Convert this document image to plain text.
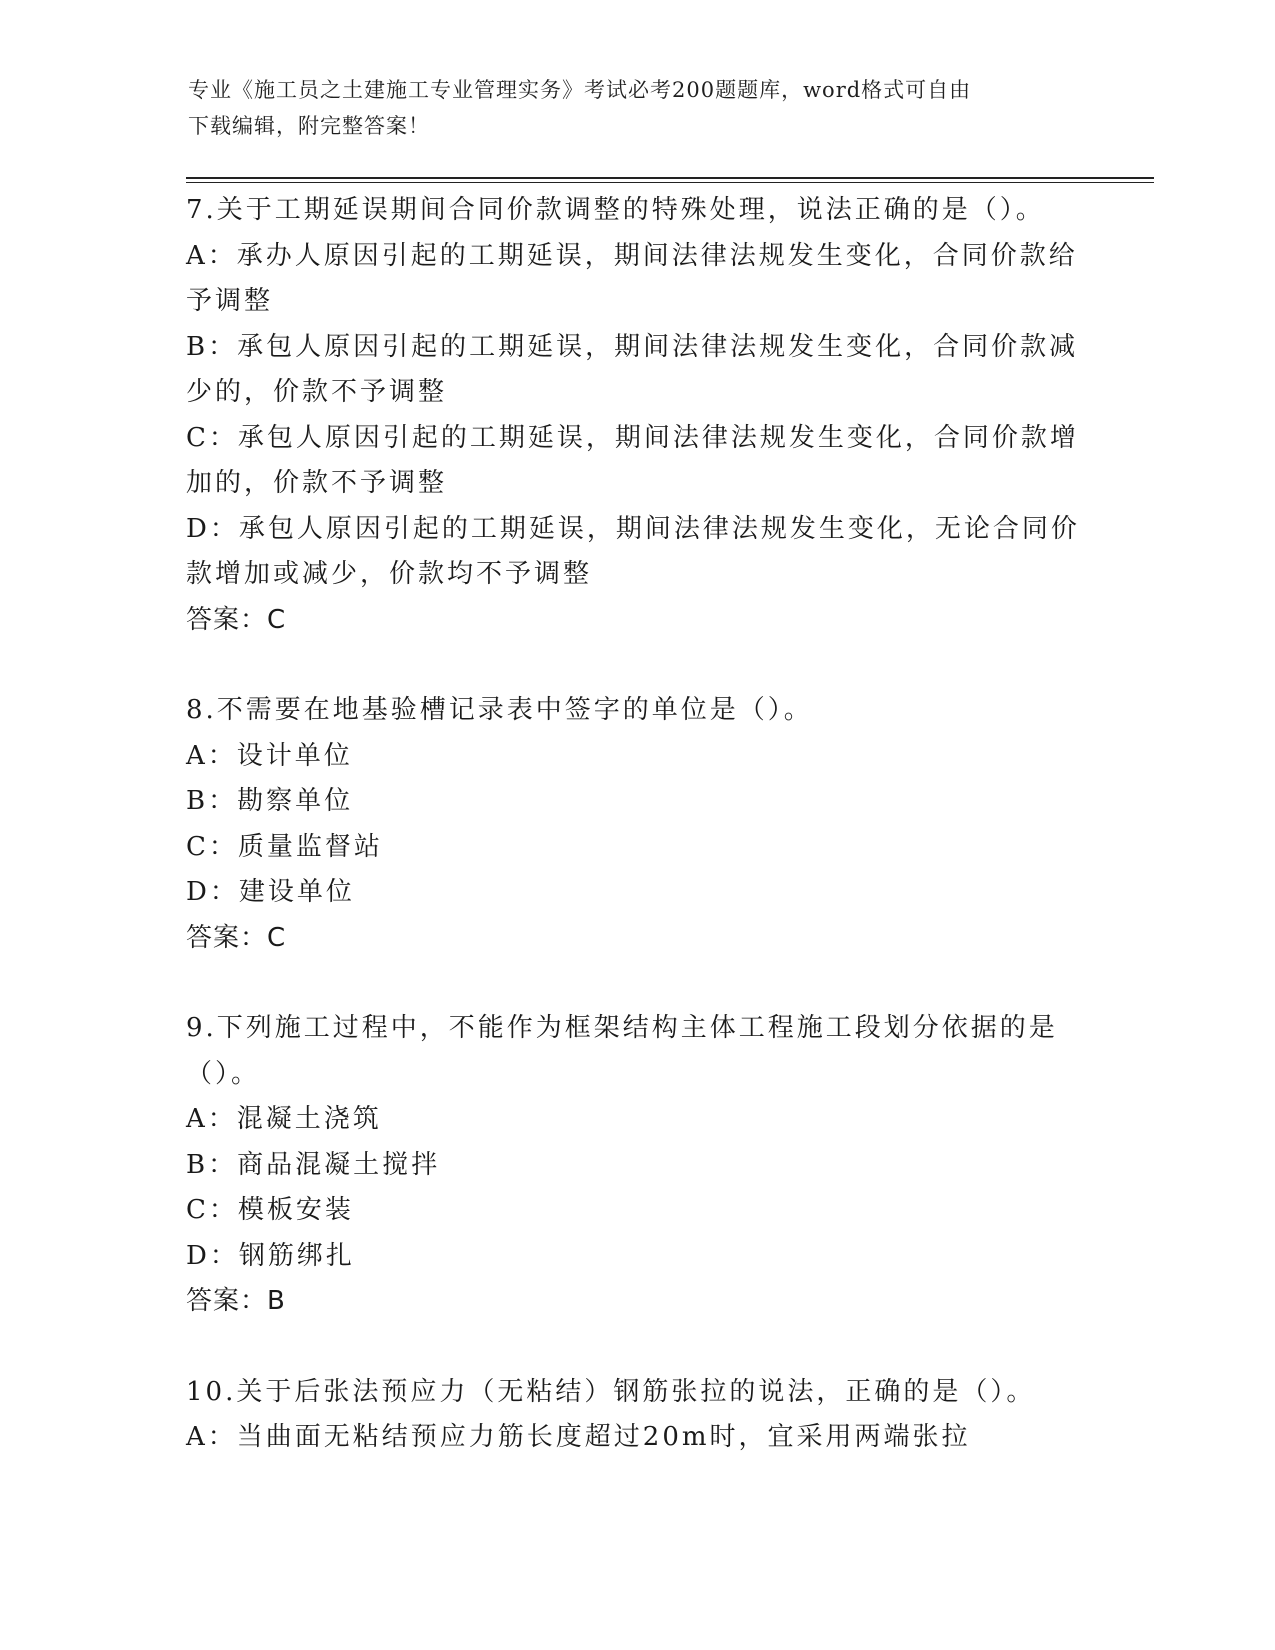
专业《施工员之土建施工专业管理实务》考试必考200题题库，word格式可自由
下载编辑，附完整答案！
7.关于工期延误期间合同价款调整的特殊处理，说法正确的是（）。
A：承办人原因引起的工期延误，期间法律法规发生变化，合同价款给
予调整
B：承包人原因引起的工期延误，期间法律法规发生变化，合同价款减
少的，价款不予调整
C：承包人原因引起的工期延误，期间法律法规发生变化，合同价款增
加的，价款不予调整
D：承包人原因引起的工期延误，期间法律法规发生变化，无论合同价
款增加或减少，价款均不予调整
答案：C
8.不需要在地基验槽记录表中签字的单位是（）。
A：设计单位
B：勘察单位
C：质量监督站
D：建设单位
答案：C
9.下列施工过程中，不能作为框架结构主体工程施工段划分依据的是
（）。
A：混凝土浇筑
B：商品混凝土搅拌
C：模板安装
D：钢筋绑扎
答案：B
10.关于后张法预应力（无粘结）钢筋张拉的说法，正确的是（）。
A：当曲面无粘结预应力筋长度超过20m时，宜采用两端张拉
